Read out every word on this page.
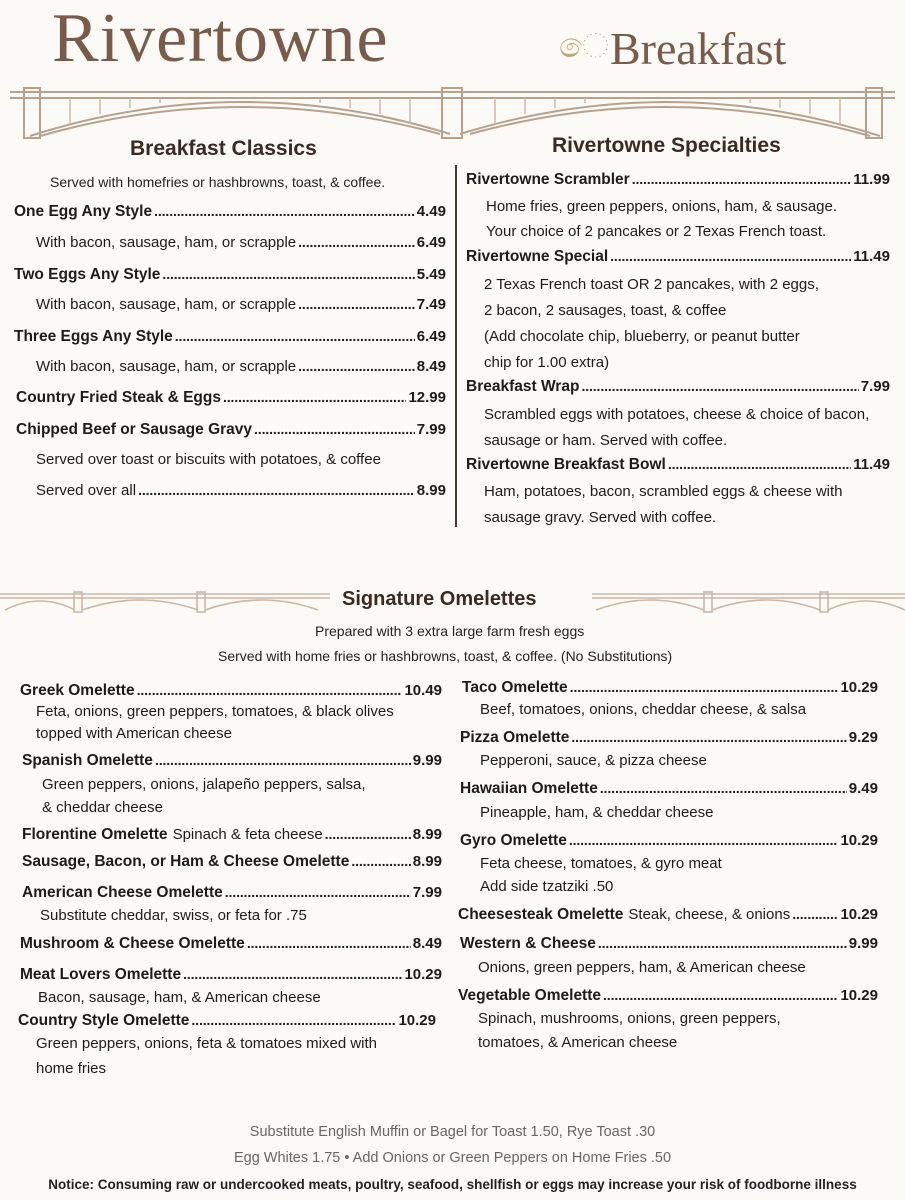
Rivertowne	ෙ Breakfast
Breakfast Classics
Served with homefries or hashbrowns, toast, & coffee.
One Egg Any Style . . .	4.49
With bacon, sausage, ham, or scrapple . . .	6.49
Two Eggs Any Style . . .	5.49
With bacon, sausage, ham, or scrapple . . .	7.49
Three Eggs Any Style . . .	6.49
With bacon, sausage, ham, or scrapple . . .	8.49
Country Fried Steak & Eggs . . .	12.99
Chipped Beef or Sausage Gravy . . .	7.99
Served over toast or biscuits with potatoes, & coffee
Served over all . . .	8.99
Rivertowne Specialties
Rivertowne Scrambler . . .	11.99
Home fries, green peppers, onions, ham, & sausage.
Your choice of 2 pancakes or 2 Texas French toast.
Rivertowne Special . . .	11.49
2 Texas French toast OR 2 pancakes, with 2 eggs,
2 bacon, 2 sausages, toast, & coffee
(Add chocolate chip, blueberry, or peanut butter
chip for 1.00 extra)
Breakfast Wrap . . .	7.99
Scrambled eggs with potatoes, cheese & choice of bacon,
sausage or ham. Served with coffee.
Rivertowne Breakfast Bowl . . .	11.49
Ham, potatoes, bacon, scrambled eggs & cheese with
sausage gravy. Served with coffee.
Signature Omelettes
Prepared with 3 extra large farm fresh eggs
Served with home fries or hashbrowns, toast, & coffee. (No Substitutions)
Greek Omelette . . .	10.49
Feta, onions, green peppers, tomatoes, & black olives
topped with American cheese
Spanish Omelette . . .	9.99
Green peppers, onions, jalapeño peppers, salsa,
& cheddar cheese
Florentine Omelette Spinach & feta cheese . . .	8.99
Sausage, Bacon, or Ham & Cheese Omelette . . .	8.99
American Cheese Omelette . . .	7.99
Substitute cheddar, swiss, or feta for .75
Mushroom & Cheese Omelette . . .	8.49
Meat Lovers Omelette . . .	10.29
Bacon, sausage, ham, & American cheese
Country Style Omelette . . .	10.29
Green peppers, onions, feta & tomatoes mixed with
home fries
Taco Omelette . . .	10.29
Beef, tomatoes, onions, cheddar cheese, & salsa
Pizza Omelette . . .	9.29
Pepperoni, sauce, & pizza cheese
Hawaiian Omelette . . .	9.49
Pineapple, ham, & cheddar cheese
Gyro Omelette . . .	10.29
Feta cheese, tomatoes, & gyro meat
Add side tzatziki .50
Cheesesteak Omelette Steak, cheese, & onions . . .	10.29
Western & Cheese . . .	9.99
Onions, green peppers, ham, & American cheese
Vegetable Omelette . . .	10.29
Spinach, mushrooms, onions, green peppers,
tomatoes, & American cheese
Substitute English Muffin or Bagel for Toast 1.50, Rye Toast .30
Egg Whites 1.75 • Add Onions or Green Peppers on Home Fries .50
Notice: Consuming raw or undercooked meats, poultry, seafood, shellfish or eggs may increase your risk of foodborne illness
